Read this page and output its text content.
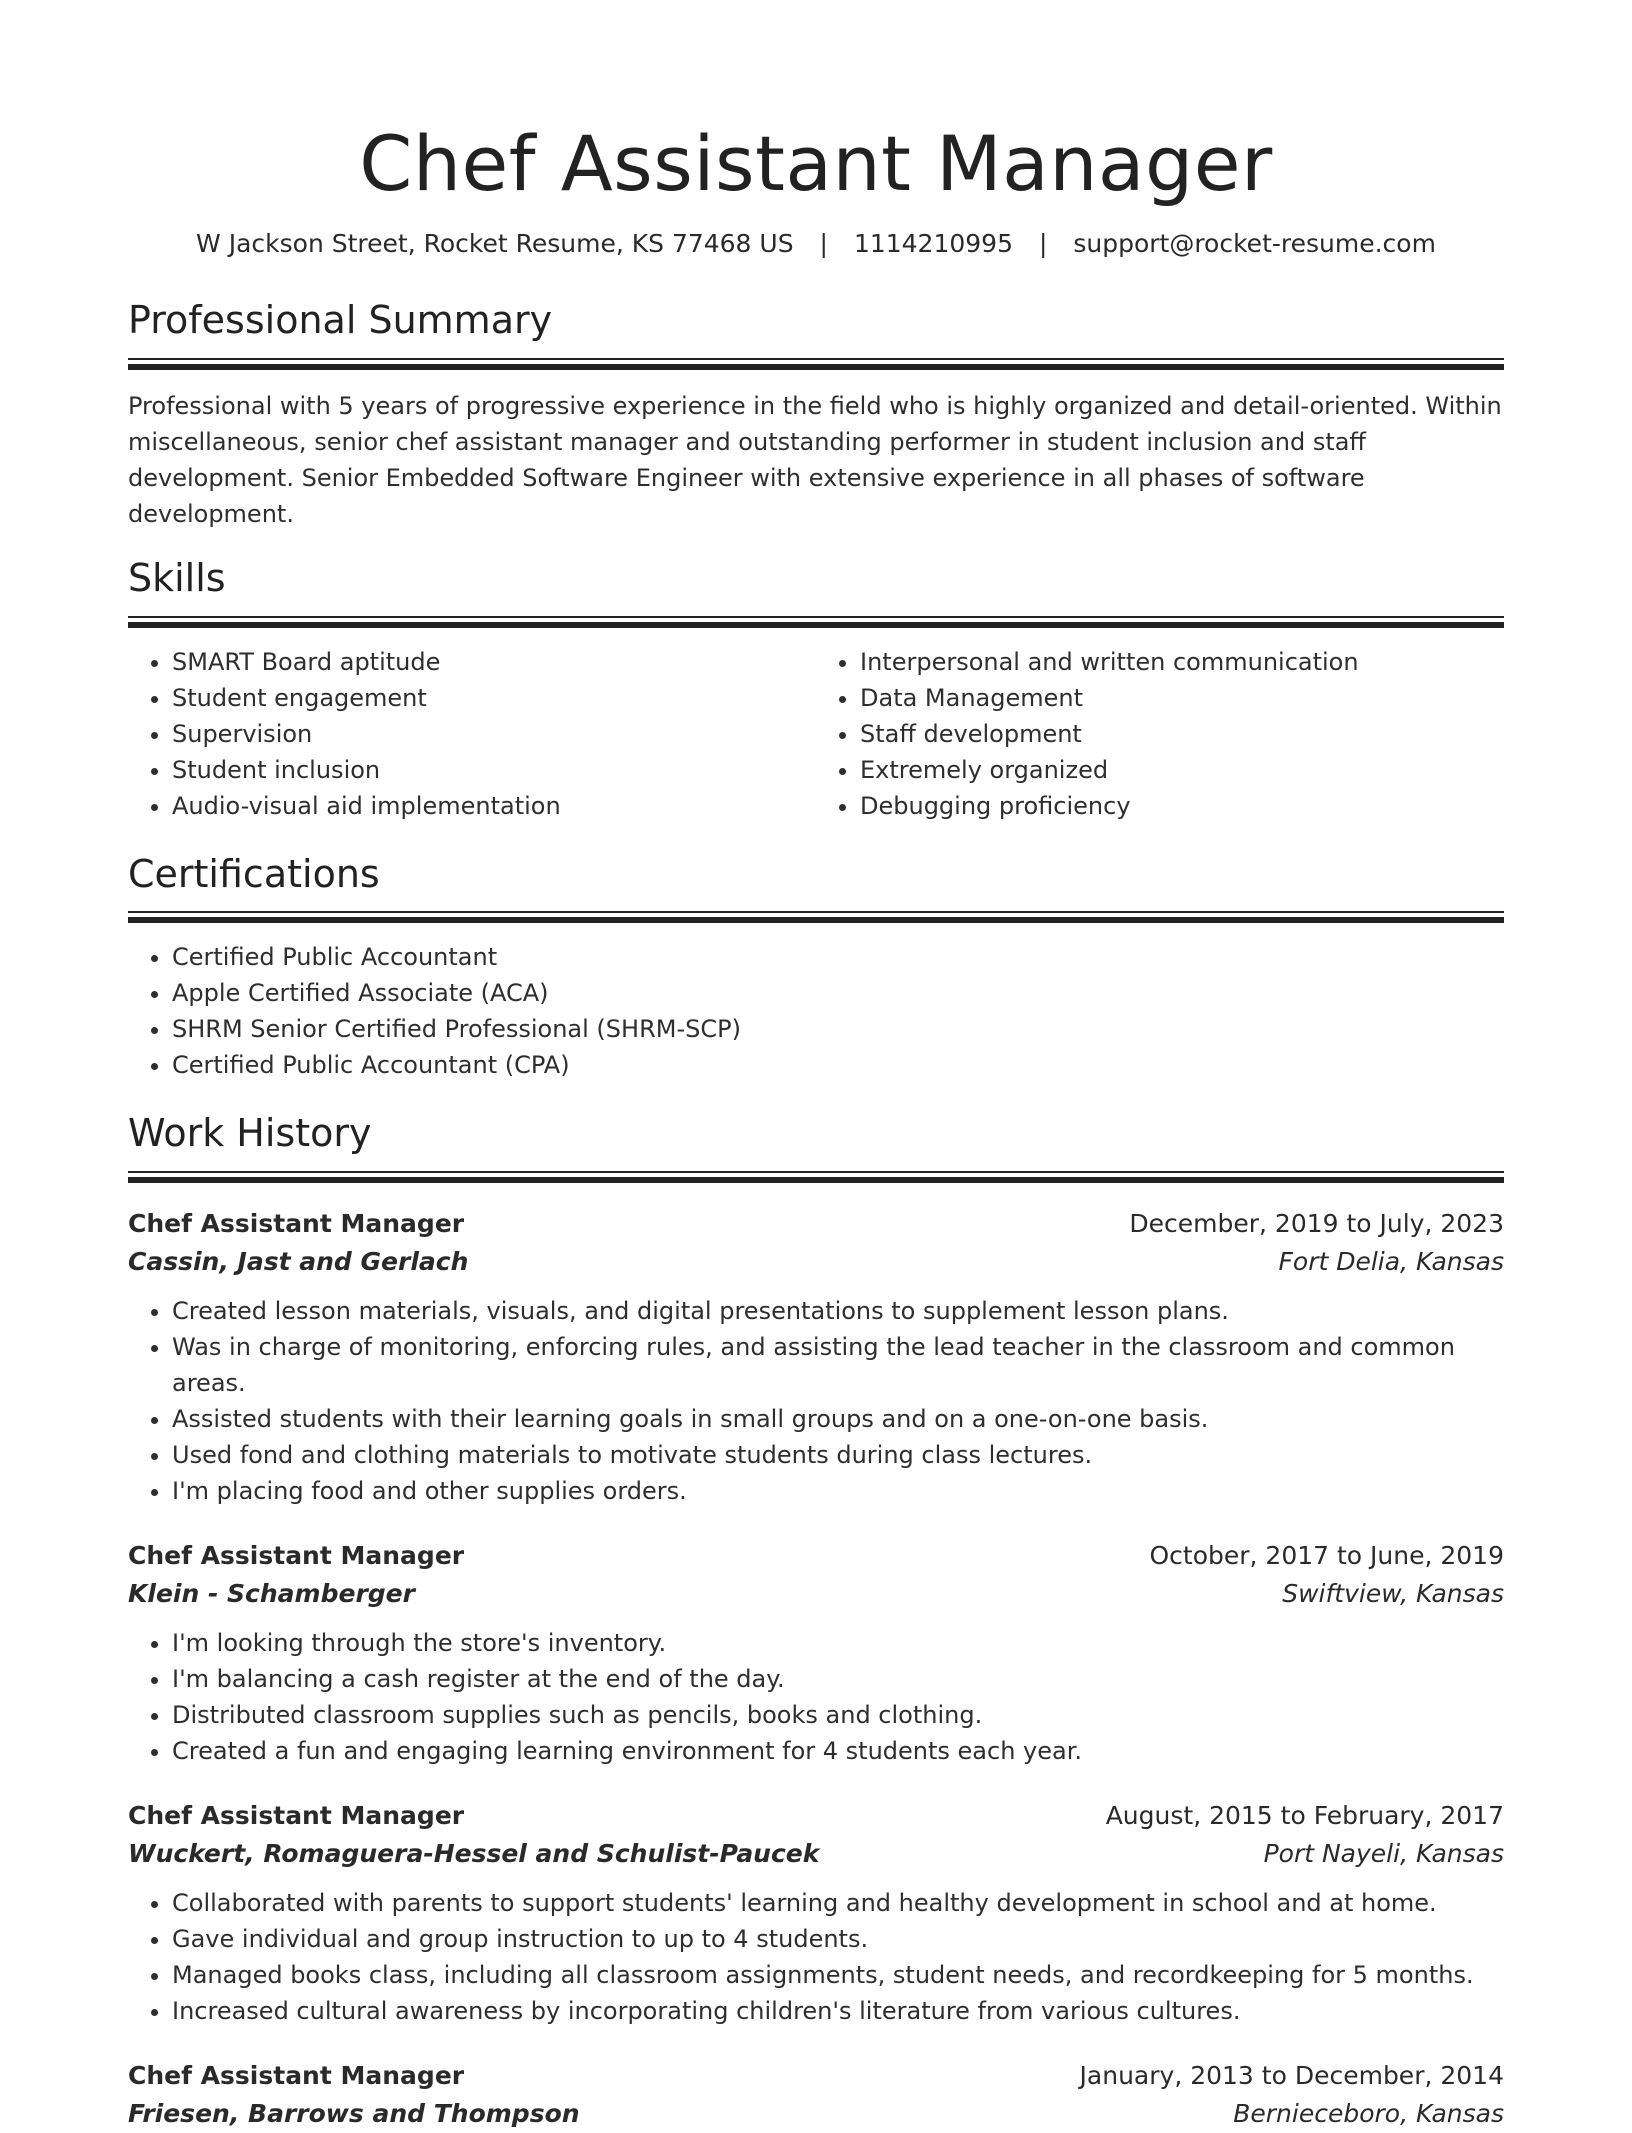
Chef Assistant Manager
W Jackson Street, Rocket Resume, KS 77468 US | 1114210995 | support@rocket-resume.com
Professional Summary

Professional with 5 years of progressive experience in the field who is highly organized and detail-oriented. Within miscellaneous, senior chef assistant manager and outstanding performer in student inclusion and staff development. Senior Embedded Software Engineer with extensive experience in all phases of software development.

Skills
• SMART Board aptitude
• Student engagement
• Supervision
• Student inclusion
• Audio-visual aid implementation
• Interpersonal and written communication
• Data Management
• Staff development
• Extremely organized
• Debugging proficiency
Certifications
• Certified Public Accountant
• Apple Certified Associate (ACA)
• SHRM Senior Certified Professional (SHRM-SCP)
• Certified Public Accountant (CPA)
Work History
Chef Assistant Manager	December, 2019 to July, 2023
Cassin, Jast and Gerlach	Fort Delia, Kansas
• Created lesson materials, visuals, and digital presentations to supplement lesson plans.
• Was in charge of monitoring, enforcing rules, and assisting the lead teacher in the classroom and common areas.
• Assisted students with their learning goals in small groups and on a one-on-one basis.
• Used fond and clothing materials to motivate students during class lectures.
• I'm placing food and other supplies orders.
Chef Assistant Manager	October, 2017 to June, 2019
Klein - Schamberger	Swiftview, Kansas
• I'm looking through the store's inventory.
• I'm balancing a cash register at the end of the day.
• Distributed classroom supplies such as pencils, books and clothing.
• Created a fun and engaging learning environment for 4 students each year.
Chef Assistant Manager	August, 2015 to February, 2017
Wuckert, Romaguera-Hessel and Schulist-Paucek	Port Nayeli, Kansas
• Collaborated with parents to support students' learning and healthy development in school and at home.
• Gave individual and group instruction to up to 4 students.
• Managed books class, including all classroom assignments, student needs, and recordkeeping for 5 months.
• Increased cultural awareness by incorporating children's literature from various cultures.
Chef Assistant Manager	January, 2013 to December, 2014
Friesen, Barrows and Thompson	Bernieceboro, Kansas
